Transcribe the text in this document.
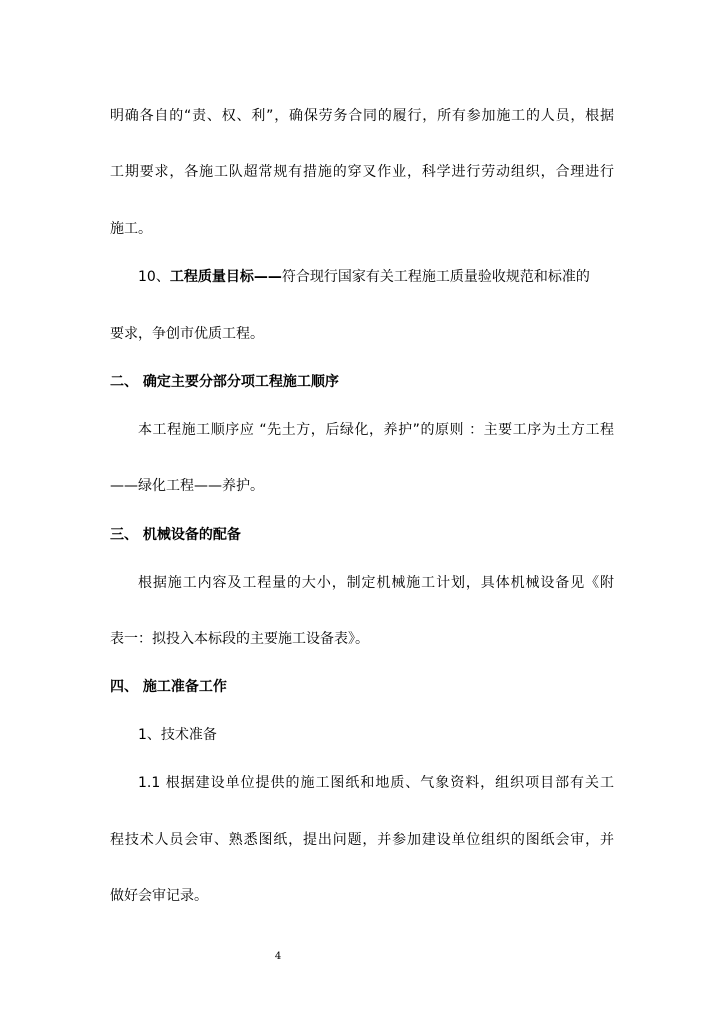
明确各自的“责、权、利”，确保劳务合同的履行，所有参加施工的人员，根据
工期要求，各施工队超常规有措施的穿叉作业，科学进行劳动组织，合理进行
施工。
10、工程质量目标——符合现行国家有关工程施工质量验收规范和标准的
要求，争创市优质工程。
二、 确定主要分部分项工程施工顺序
本工程施工顺序应 “先土方，后绿化，养护”的原则 ：主要工序为土方工程
——绿化工程——养护。
三、 机械设备的配备
根据施工内容及工程量的大小，制定机械施工计划，具体机械设备见《附
表一：拟投入本标段的主要施工设备表》。
四、 施工准备工作
1、技术准备
1.1 根据建设单位提供的施工图纸和地质、气象资料，组织项目部有关工
程技术人员会审、熟悉图纸，提出问题，并参加建设单位组织的图纸会审，并
做好会审记录。
4
